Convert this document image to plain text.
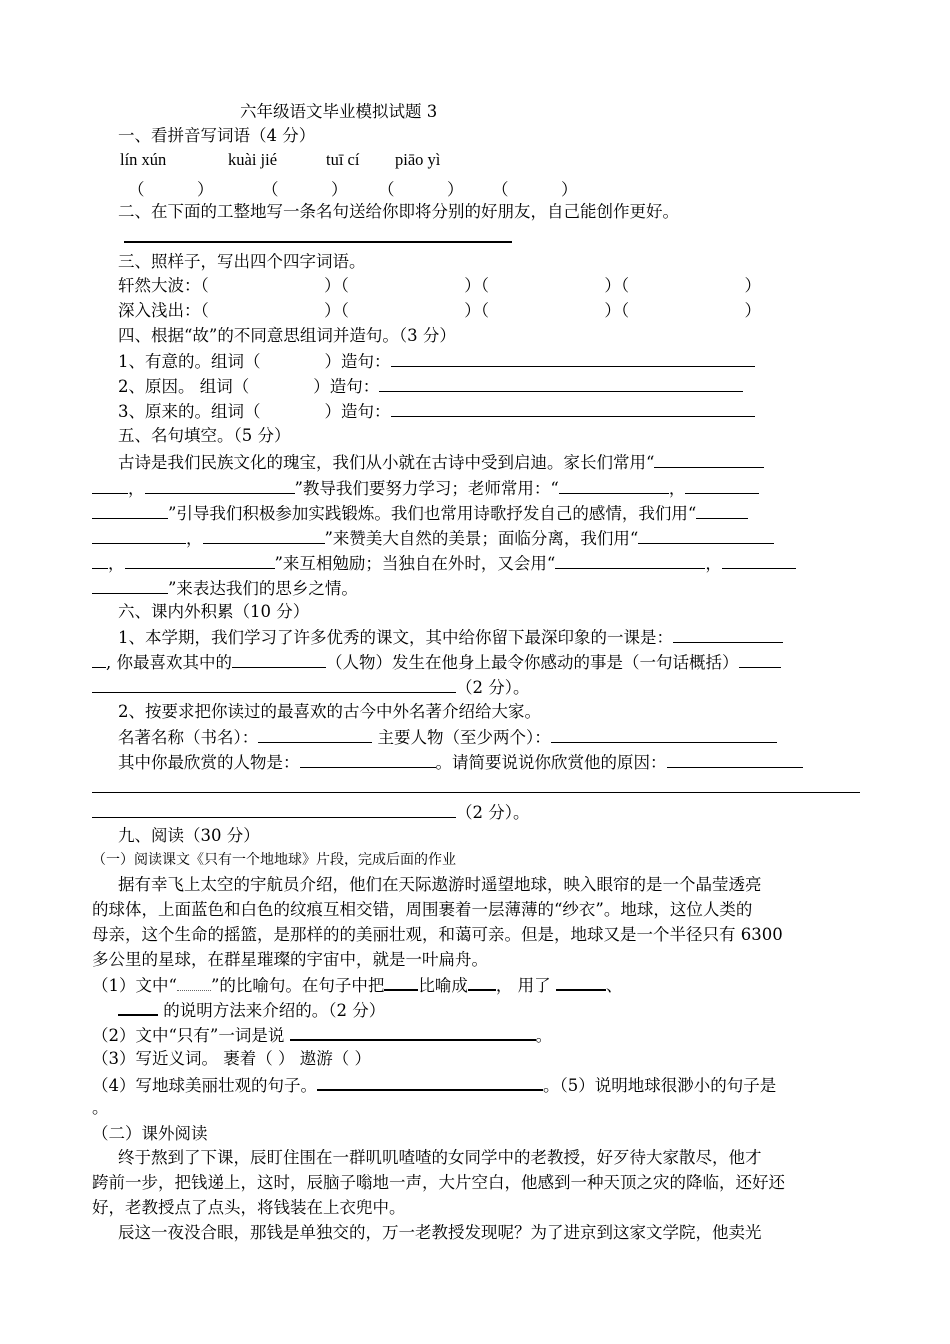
六年级语文毕业模拟试题 3
一、看拼音写词语（4 分）
lín xún	kuài jié	tuī cí piāo yì
（          ）	（          ） （          ） （          ）
二、在下面的工整地写一条名句送给你即将分别的好朋友，自己能创作更好。
三、照样子，写出四个四字词语。
轩然大波：（                      ）（                      ）（                      ）（                      ）
深入浅出：（                      ）（                      ）（                      ）（                      ）
四、根据“故”的不同意思组词并造句。（3 分）
1、有意的。组词（	）造句：
2、原因。 组词（	）造句：
3、原来的。组词（	）造句：
五、名句填空。（5 分）
古诗是我们民族文化的瑰宝，我们从小就在古诗中受到启迪。家长们常用“
，	”教导我们要努力学习；老师常用：“	，
”引导我们积极参加实践锻炼。我们也常用诗歌抒发自己的感情，我们用“
，	”来赞美大自然的美景；面临分离，我们用“
，	”来互相勉励；当独自在外时，又会用“	，
”来表达我们的思乡之情。
六、课内外积累（10 分）
1、本学期，我们学习了许多优秀的课文，其中给你留下最深印象的一课是：
, 你最喜欢其中的	（人物）发生在他身上最令你感动的事是（一句话概括）
（2 分）。
2、按要求把你读过的最喜欢的古今中外名著介绍给大家。
名著名称（书名）：	主要人物（至少两个）：
其中你最欣赏的人物是：	。请简要说说你欣赏他的原因：
（2 分）。
九、阅读（30 分）
（一）阅读课文《只有一个地地球》片段，完成后面的作业
据有幸飞上太空的宇航员介绍，他们在天际遨游时遥望地球，映入眼帘的是一个晶莹透亮
的球体，上面蓝色和白色的纹痕互相交错，周围裹着一层薄薄的“纱衣”。地球，这位人类的
母亲，这个生命的摇篮，是那样的的美丽壮观，和蔼可亲。但是，地球又是一个半径只有 6300
多公里的星球，在群星璀璨的宇宙中，就是一叶扁舟。
（1）文中“ ”的比喻句。在句子中把 比喻成 ， 用了	、
的说明方法来介绍的。（2 分）
（2）文中“只有”一词是说	。
（3）写近义词。 裹着（ ） 遨游（ ）
（4）写地球美丽壮观的句子。	。（5）说明地球很渺小的句子是
。
（二）课外阅读
终于熬到了下课，辰盯住围在一群叽叽喳喳的女同学中的老教授，好歹待大家散尽，他才
跨前一步，把钱递上，这时，辰脑子嗡地一声，大片空白，他感到一种天顶之灾的降临，还好还
好，老教授点了点头，将钱装在上衣兜中。
辰这一夜没合眼，那钱是单独交的，万一老教授发现呢？为了进京到这家文学院，他卖光
